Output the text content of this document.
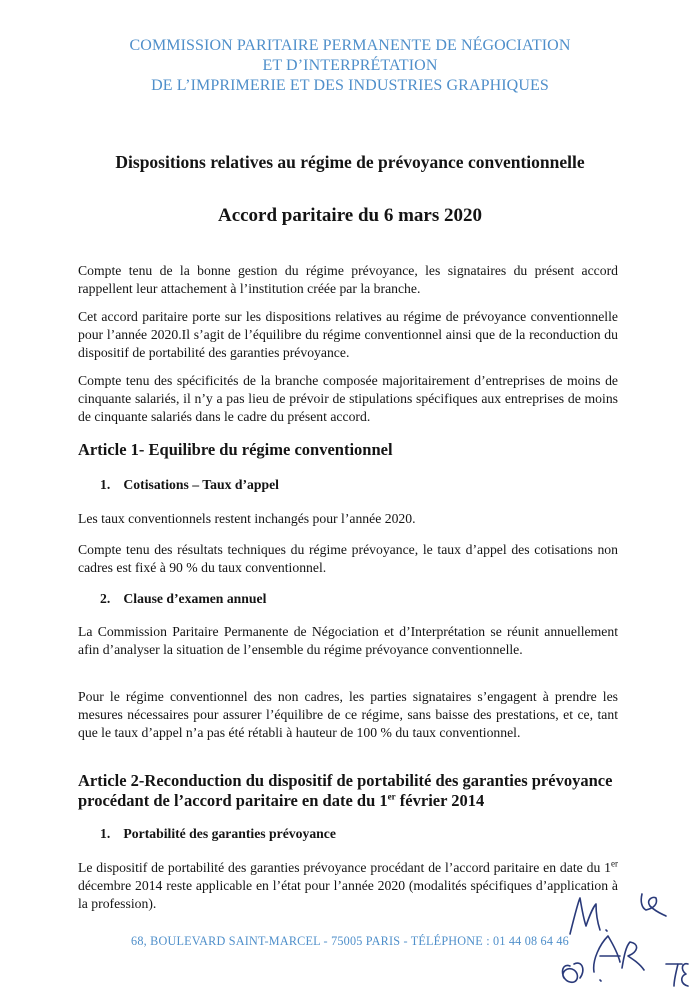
COMMISSION PARITAIRE PERMANENTE DE NÉGOCIATION
ET D’INTERPRÉTATION
DE L’IMPRIMERIE ET DES INDUSTRIES GRAPHIQUES
Dispositions relatives au régime de prévoyance conventionnelle
Accord paritaire du 6 mars 2020

Compte tenu de la bonne gestion du régime prévoyance, les signataires du présent accord rappellent leur attachement à l’institution créée par la branche.

Cet accord paritaire porte sur les dispositions relatives au régime de prévoyance conventionnelle pour l’année 2020.Il s’agit de l’équilibre du régime conventionnel ainsi que de la reconduction du dispositif de portabilité des garanties prévoyance.

Compte tenu des spécificités de la branche composée majoritairement d’entreprises de moins de cinquante salariés, il n’y a pas lieu de prévoir de stipulations spécifiques aux entreprises de moins de cinquante salariés dans le cadre du présent accord.

Article 1- Equilibre du régime conventionnel

1. Cotisations – Taux d’appel

Les taux conventionnels restent inchangés pour l’année 2020.

Compte tenu des résultats techniques du régime prévoyance, le taux d’appel des cotisations non cadres est fixé à 90 % du taux conventionnel.

2. Clause d’examen annuel

La Commission Paritaire Permanente de Négociation et d’Interprétation se réunit annuellement afin d’analyser la situation de l’ensemble du régime prévoyance conventionnelle.

Pour le régime conventionnel des non cadres, les parties signataires s’engagent à prendre les mesures nécessaires pour assurer l’équilibre de ce régime, sans baisse des prestations, et ce, tant que le taux d’appel n’a pas été rétabli à hauteur de 100 % du taux conventionnel.

Article 2-Reconduction du dispositif de portabilité des garanties prévoyance procédant de l’accord paritaire en date du 1er février 2014

1. Portabilité des garanties prévoyance

Le dispositif de portabilité des garanties prévoyance procédant de l’accord paritaire en date du 1er décembre 2014 reste applicable en l’état pour l’année 2020 (modalités spécifiques d’application à la profession).

68, BOULEVARD SAINT-MARCEL - 75005 PARIS - TÉLÉPHONE : 01 44 08 64 46
